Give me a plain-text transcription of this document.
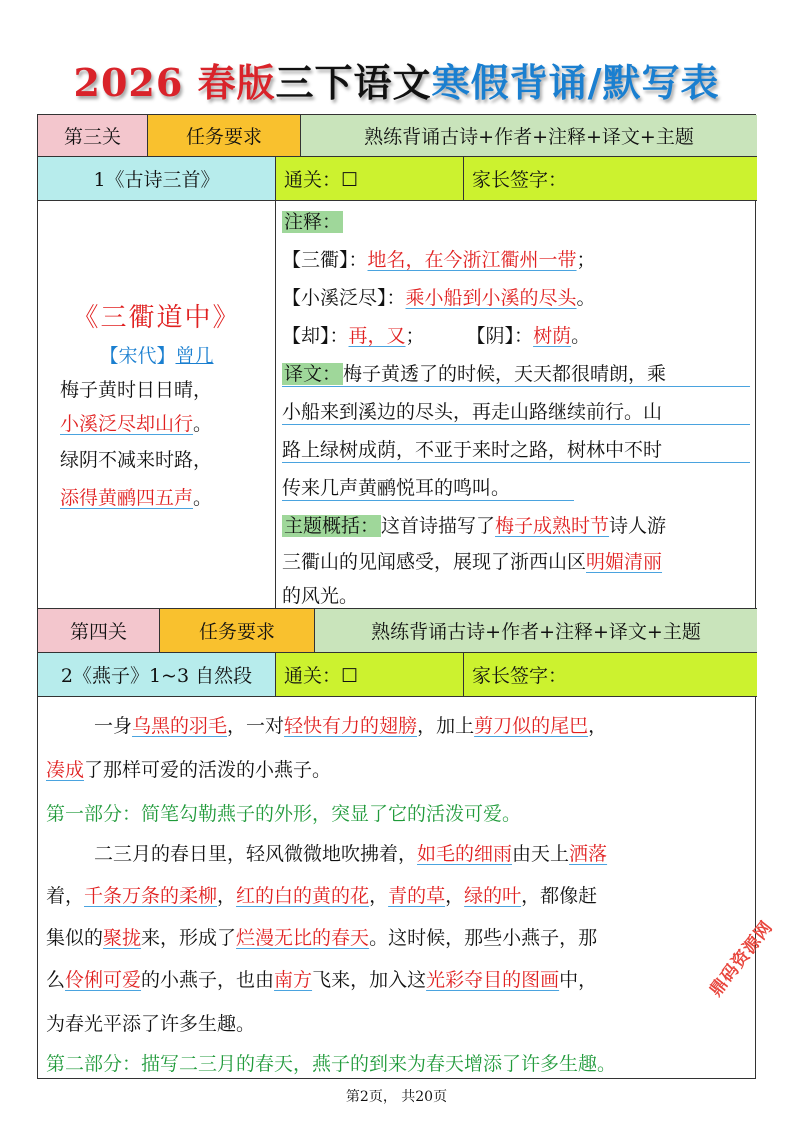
2026 春版三下语文寒假背诵/默写表
第三关	任务要求	熟练背诵古诗+作者+注释+译文+主题
1《古诗三首》	通关：☐	家长签字：
《三衢道中》
【宋代】曾几
梅子黄时日日晴，
小溪泛尽却山行。
绿阴不减来时路，
添得黄鹂四五声。
注释：
【三衢】：地名，在今浙江衢州一带；
【小溪泛尽】：乘小船到小溪的尽头。
【却】：再，又； 【阴】：树荫。
译文： 梅子黄透了的时候，天天都很晴朗，乘
小船来到溪边的尽头，再走山路继续前行。山
路上绿树成荫，不亚于来时之路，树林中不时
传来几声黄鹂悦耳的鸣叫。
主题概括： 这首诗描写了梅子成熟时节诗人游
三衢山的见闻感受，展现了浙西山区明媚清丽
的风光。
第四关	任务要求	熟练背诵古诗+作者+注释+译文+主题
2《燕子》1~3 自然段	通关：☐	家长签字：
一身乌黑的羽毛，一对轻快有力的翅膀，加上剪刀似的尾巴，
凑成了那样可爱的活泼的小燕子。
第一部分：简笔勾勒燕子的外形，突显了它的活泼可爱。
二三月的春日里，轻风微微地吹拂着，如毛的细雨由天上洒落
着，千条万条的柔柳，红的白的黄的花，青的草，绿的叶，都像赶
集似的聚拢来，形成了烂漫无比的春天。这时候，那些小燕子，那
么伶俐可爱的小燕子，也由南方飞来，加入这光彩夺目的图画中，
为春光平添了许多生趣。
第二部分：描写二三月的春天，燕子的到来为春天增添了许多生趣。
第2页， 共20页
鼎码资源网
